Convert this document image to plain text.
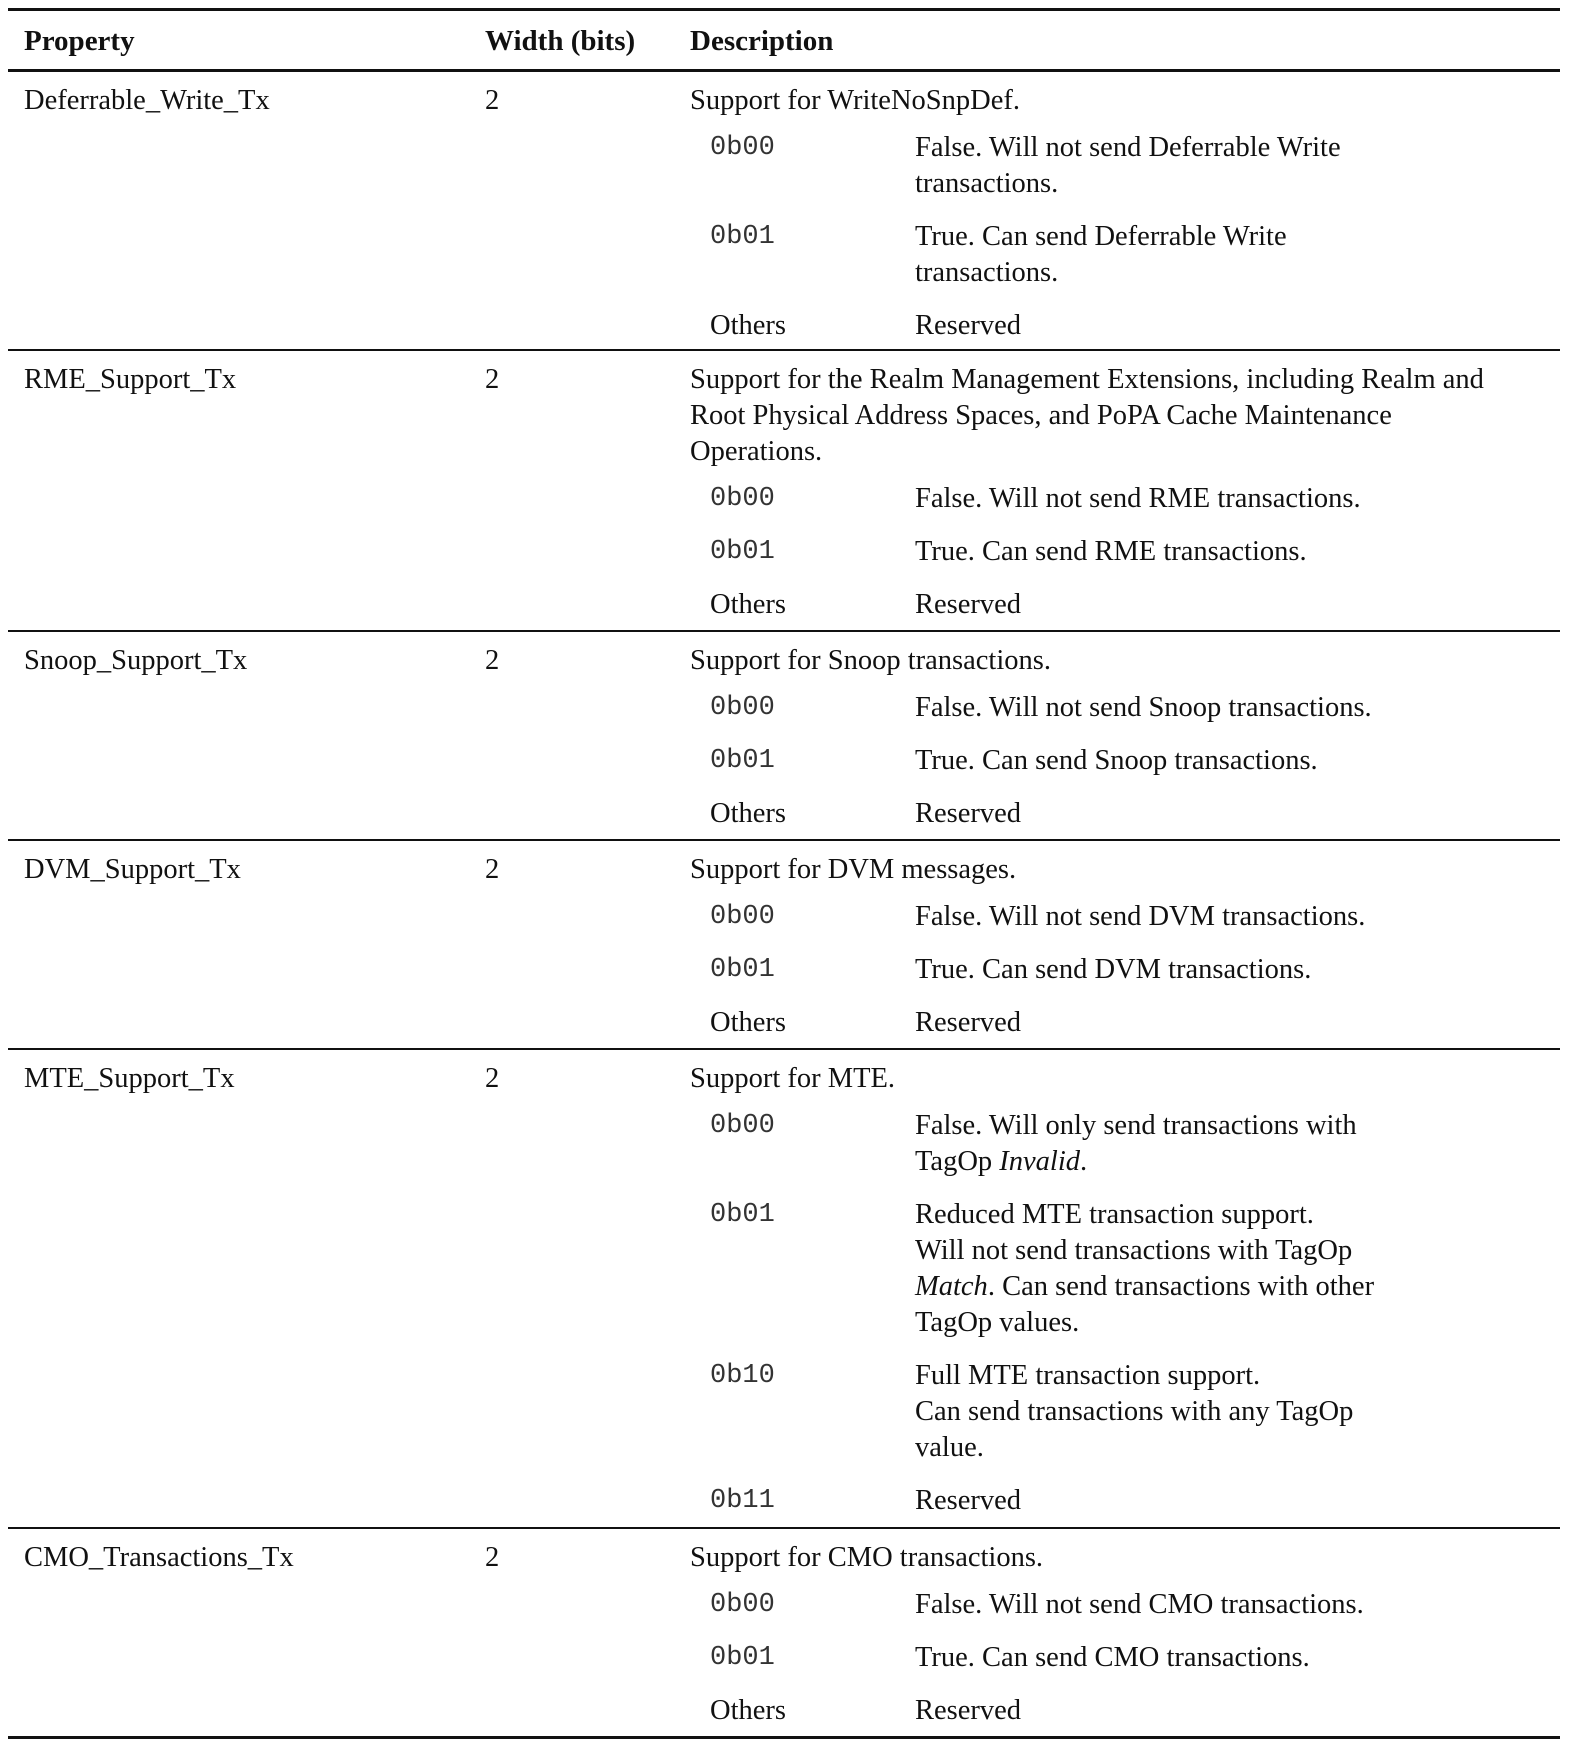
Property	Width (bits) Description
Deferrable_Write_Tx	2	Support for WriteNoSnpDef.

0b00	False. Will not send Deferrable Write
transactions.
0b01	True. Can send Deferrable Write
transactions.
Others	Reserved
RME_Support_Tx	2	Support for the Realm Management Extensions, including Realm and
Root Physical Address Spaces, and PoPA Cache Maintenance
Operations.

0b00	False. Will not send RME transactions.
0b01	True. Can send RME transactions.
Others	Reserved
Snoop_Support_Tx	2	Support for Snoop transactions.

0b00	False. Will not send Snoop transactions.
0b01	True. Can send Snoop transactions.
Others	Reserved
DVM_Support_Tx	2	Support for DVM messages.

0b00	False. Will not send DVM transactions.
0b01	True. Can send DVM transactions.
Others	Reserved
MTE_Support_Tx	2	Support for MTE.

0b00	False. Will only send transactions with
TagOp Invalid.
0b01	Reduced MTE transaction support.
Will not send transactions with TagOp
Match. Can send transactions with other
TagOp values.
0b10	Full MTE transaction support.
Can send transactions with any TagOp
value.
0b11	Reserved
CMO_Transactions_Tx	2	Support for CMO transactions.

0b00	False. Will not send CMO transactions.
0b01	True. Can send CMO transactions.
Others	Reserved
